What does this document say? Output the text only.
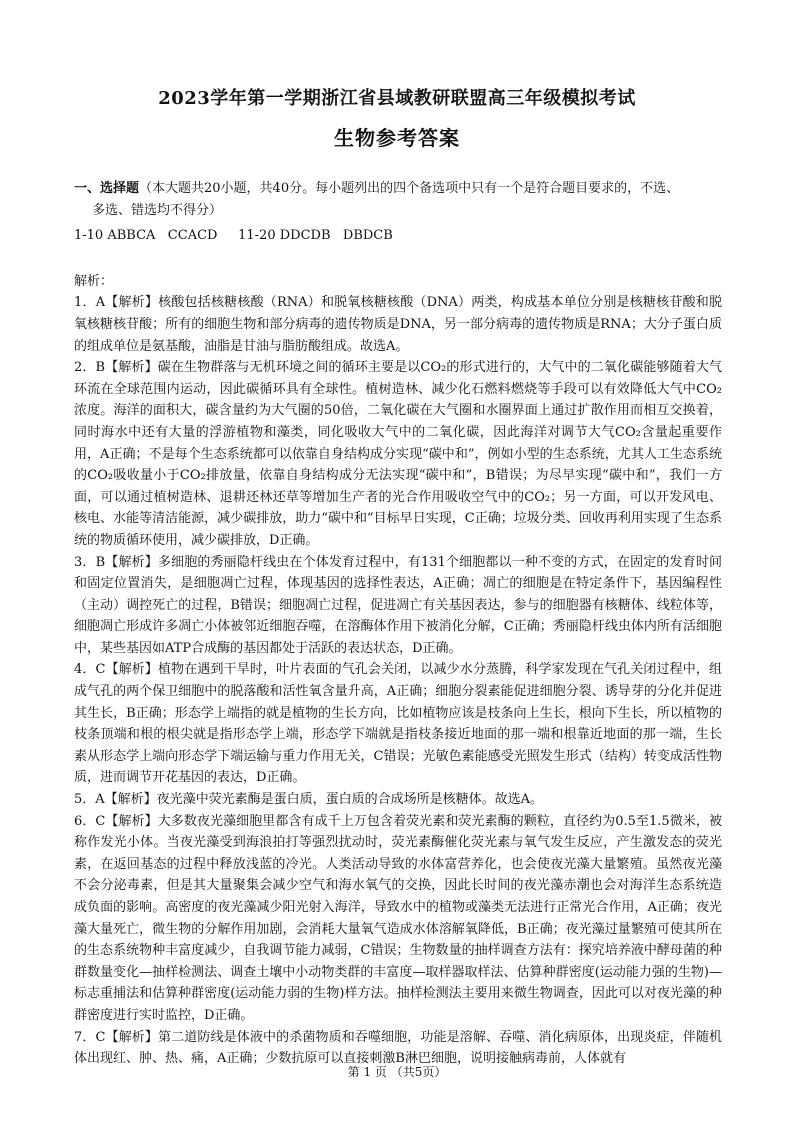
2023学年第一学期浙江省县域教研联盟高三年级模拟考试
生物参考答案

一、选择题（本大题共20小题，共40分。每小题列出的四个备选项中只有一个是符合题目要求的，不选、

多选、错选均不得分）

1-10 ABBCA   CCACD     11-20 DDCDB   DBDCB

解析：

1．A【解析】核酸包括核糖核酸（RNA）和脱氧核糖核酸（DNA）两类，构成基本单位分别是核糖核苷酸和脱氧核糖核苷酸；所有的细胞生物和部分病毒的遗传物质是DNA，另一部分病毒的遗传物质是RNA；大分子蛋白质的组成单位是氨基酸，油脂是甘油与脂肪酸组成。故选A。

2．B【解析】碳在生物群落与无机环境之间的循环主要是以CO₂的形式进行的，大气中的二氧化碳能够随着大气环流在全球范围内运动，因此碳循环具有全球性。植树造林、减少化石燃料燃烧等手段可以有效降低大气中CO₂浓度。海洋的面积大，碳含量约为大气圈的50倍，二氧化碳在大气圈和水圈界面上通过扩散作用而相互交换着，同时海水中还有大量的浮游植物和藻类，同化吸收大气中的二氧化碳，因此海洋对调节大气CO₂含量起重要作用，A正确；不是每个生态系统都可以依靠自身结构成分实现“碳中和”，例如小型的生态系统，尤其人工生态系统的CO₂吸收量小于CO₂排放量，依靠自身结构成分无法实现“碳中和”，B错误；为尽早实现“碳中和”，我们一方面，可以通过植树造林、退耕还林还草等增加生产者的光合作用吸收空气中的CO₂；另一方面，可以开发风电、核电、水能等清洁能源，减少碳排放，助力“碳中和”目标早日实现，C正确；垃圾分类、回收再利用实现了生态系统的物质循环使用，减少碳排放，D正确。

3．B【解析】多细胞的秀丽隐杆线虫在个体发育过程中，有131个细胞都以一种不变的方式，在固定的发育时间和固定位置消失，是细胞凋亡过程，体现基因的选择性表达，A正确；凋亡的细胞是在特定条件下，基因编程性（主动）调控死亡的过程，B错误；细胞凋亡过程，促进凋亡有关基因表达，参与的细胞器有核糖体、线粒体等，细胞凋亡形成许多凋亡小体被邻近细胞吞噬，在溶酶体作用下被消化分解，C正确；秀丽隐杆线虫体内所有活细胞中，某些基因如ATP合成酶的基因都处于活跃的表达状态，D正确。

4．C【解析】植物在遇到干旱时，叶片表面的气孔会关闭，以减少水分蒸腾，科学家发现在气孔关闭过程中，组成气孔的两个保卫细胞中的脱落酸和活性氧含量升高，A正确；细胞分裂素能促进细胞分裂、诱导芽的分化并促进其生长，B正确；形态学上端指的就是植物的生长方向，比如植物应该是枝条向上生长，根向下生长，所以植物的枝条顶端和根的根尖就是指形态学上端，形态学下端就是指枝条接近地面的那一端和根靠近地面的那一端，生长素从形态学上端向形态学下端运输与重力作用无关，C错误；光敏色素能感受光照发生形式（结构）转变成活性物质，进而调节开花基因的表达，D正确。

5．A【解析】夜光藻中荧光素酶是蛋白质，蛋白质的合成场所是核糖体。故选A。

6．C【解析】大多数夜光藻细胞里都含有成千上万包含着荧光素和荧光素酶的颗粒，直径约为0.5至1.5微米，被称作发光小体。当夜光藻受到海浪拍打等强烈扰动时，荧光素酶催化荧光素与氧气发生反应，产生激发态的荧光素，在返回基态的过程中释放浅蓝的冷光。人类活动导致的水体富营养化，也会使夜光藻大量繁殖。虽然夜光藻不会分泌毒素，但是其大量聚集会减少空气和海水氧气的交换，因此长时间的夜光藻赤潮也会对海洋生态系统造成负面的影响。高密度的夜光藻减少阳光射入海洋，导致水中的植物或藻类无法进行正常光合作用，A正确；夜光藻大量死亡，微生物的分解作用加剧，会消耗大量氧气造成水体溶解氧降低，B正确；夜光藻过量繁殖可使其所在的生态系统物种丰富度减少，自我调节能力减弱，C错误；生物数量的抽样调查方法有：探究培养液中酵母菌的种群数量变化—抽样检测法、调查土壤中小动物类群的丰富度—取样器取样法、估算种群密度(运动能力强的生物)—标志重捕法和估算种群密度(运动能力弱的生物)样方法。抽样检测法主要用来微生物调查，因此可以对夜光藻的种群密度进行实时监控，D正确。

7．C【解析】第二道防线是体液中的杀菌物质和吞噬细胞，功能是溶解、吞噬、消化病原体，出现炎症，伴随机体出现红、肿、热、痛，A正确；少数抗原可以直接刺激B淋巴细胞，说明接触病毒前，人体就有

第 1 页 （共5页）
